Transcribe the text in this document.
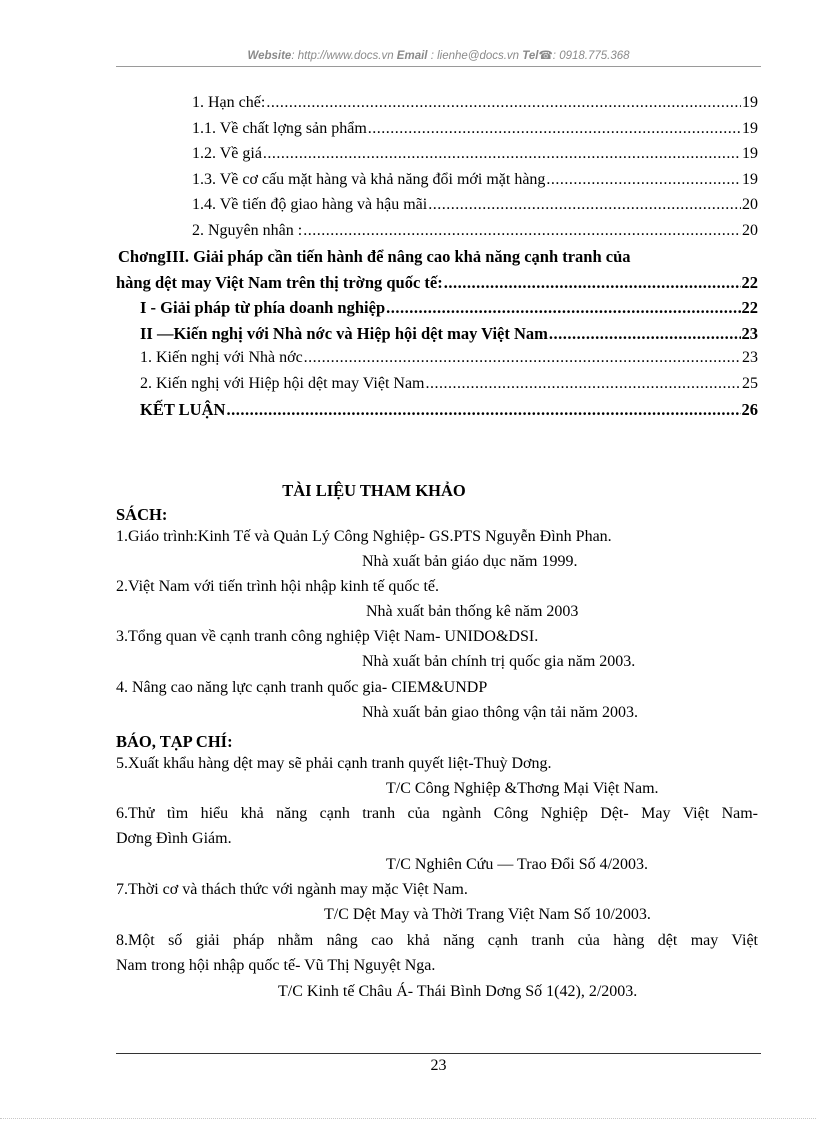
Website: http://www.docs.vn Email : lienhe@docs.vn Tel☎: 0918.775.368
1. Hạn chế: .....	19
1.1. Về chất lợng sản phẩm .....	19
1.2. Về giá .....	19
1.3. Về cơ cấu mặt hàng và khả năng đổi mới mặt hàng .....	19
1.4. Về tiến độ giao hàng và hậu mãi .....	20
2. Nguyên nhân : .....	20
ChơngIII. Giải pháp cần tiến hành để nâng cao khả năng cạnh tranh của
hàng dệt may Việt Nam trên thị trờng quốc tế: .....	22
I - Giải pháp từ phía doanh nghiệp .....	22
II —Kiến nghị với Nhà nớc và Hiệp hội dệt may Việt Nam .....	23
1. Kiến nghị với Nhà nớc .....	23
2. Kiến nghị với Hiệp hội dệt may Việt Nam .....	25
KẾT LUẬN .....	26
TÀI LIỆU THAM KHẢO
SÁCH:
1.Giáo trình:Kinh Tế và Quản Lý Công Nghiệp- GS.PTS Nguyễn Đình Phan.
Nhà xuất bản giáo dục năm 1999.
2.Việt Nam với tiến trình hội nhập kinh tế quốc tế.
Nhà xuất bản thống kê năm 2003
3.Tổng quan về cạnh tranh công nghiệp Việt Nam- UNIDO&DSI.
Nhà xuất bản chính trị quốc gia năm 2003.
4. Nâng cao năng lực cạnh tranh quốc gia- CIEM&UNDP
Nhà xuất bản giao thông vận tải năm 2003.
BÁO, TẠP CHÍ:
5.Xuất khẩu hàng dệt may sẽ phải cạnh tranh quyết liệt-Thuỳ Dơng.
T/C Công Nghiệp &Thơng Mại Việt Nam.
6.Thử tìm hiểu khả năng cạnh tranh của ngành Công Nghiệp Dệt- May Việt Nam-
Dơng Đình Giám.
T/C Nghiên Cứu — Trao Đổi Số 4/2003.
7.Thời cơ và thách thức với ngành may mặc Việt Nam.
T/C Dệt May và Thời Trang Việt Nam Số 10/2003.
8.Một số giải pháp nhằm nâng cao khả năng cạnh tranh của hàng dệt may Việt
Nam trong hội nhập quốc tế- Vũ Thị Nguyệt Nga.
T/C Kinh tế Châu Á- Thái Bình Dơng Số 1(42), 2/2003.
23
